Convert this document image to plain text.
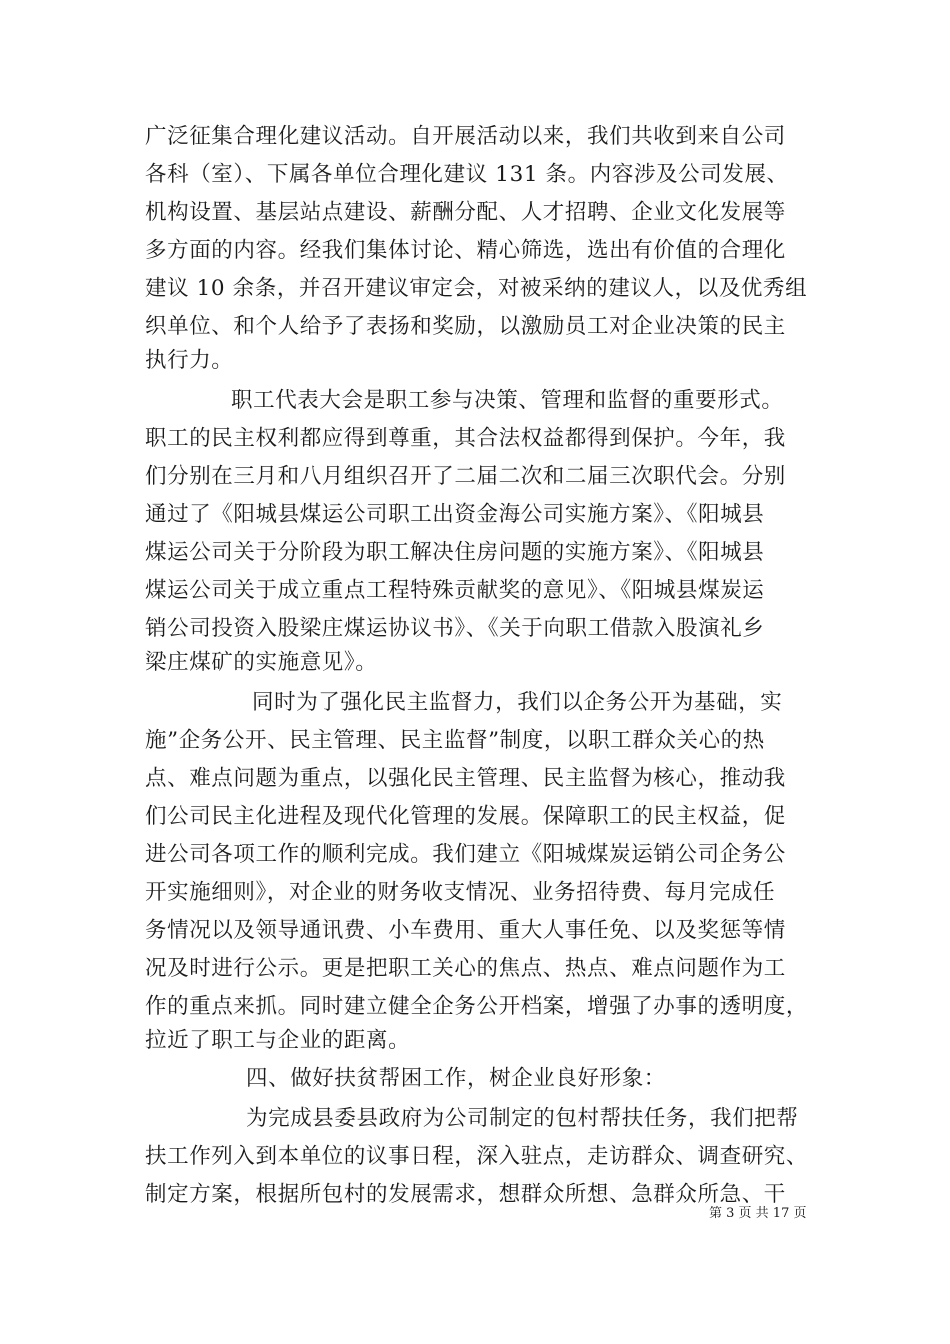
广泛征集合理化建议活动。自开展活动以来，我们共收到来自公司
各科（室）、下属各单位合理化建议 131 条。内容涉及公司发展、
机构设置、基层站点建设、薪酬分配、人才招聘、企业文化发展等
多方面的内容。经我们集体讨论、精心筛选，选出有价值的合理化
建议 10 余条，并召开建议审定会，对被采纳的建议人，以及优秀组
织单位、和个人给予了表扬和奖励，以激励员工对企业决策的民主
执行力。
职工代表大会是职工参与决策、管理和监督的重要形式。
职工的民主权利都应得到尊重，其合法权益都得到保护。今年，我
们分别在三月和八月组织召开了二届二次和二届三次职代会。分别
通过了《阳城县煤运公司职工出资金海公司实施方案》、《阳城县
煤运公司关于分阶段为职工解决住房问题的实施方案》、《阳城县
煤运公司关于成立重点工程特殊贡献奖的意见》、《阳城县煤炭运
销公司投资入股梁庄煤运协议书》、《关于向职工借款入股演礼乡
梁庄煤矿的实施意见》。
同时为了强化民主监督力，我们以企务公开为基础，实
施”企务公开、民主管理、民主监督”制度，以职工群众关心的热
点、难点问题为重点，以强化民主管理、民主监督为核心，推动我
们公司民主化进程及现代化管理的发展。保障职工的民主权益，促
进公司各项工作的顺利完成。我们建立《阳城煤炭运销公司企务公
开实施细则》，对企业的财务收支情况、业务招待费、每月完成任
务情况以及领导通讯费、小车费用、重大人事任免、以及奖惩等情
况及时进行公示。更是把职工关心的焦点、热点、难点问题作为工
作的重点来抓。同时建立健全企务公开档案，增强了办事的透明度，
拉近了职工与企业的距离。
四、做好扶贫帮困工作，树企业良好形象：
为完成县委县政府为公司制定的包村帮扶任务，我们把帮
扶工作列入到本单位的议事日程，深入驻点，走访群众、调查研究、
制定方案，根据所包村的发展需求，想群众所想、急群众所急、干
第 3 页 共 17 页
